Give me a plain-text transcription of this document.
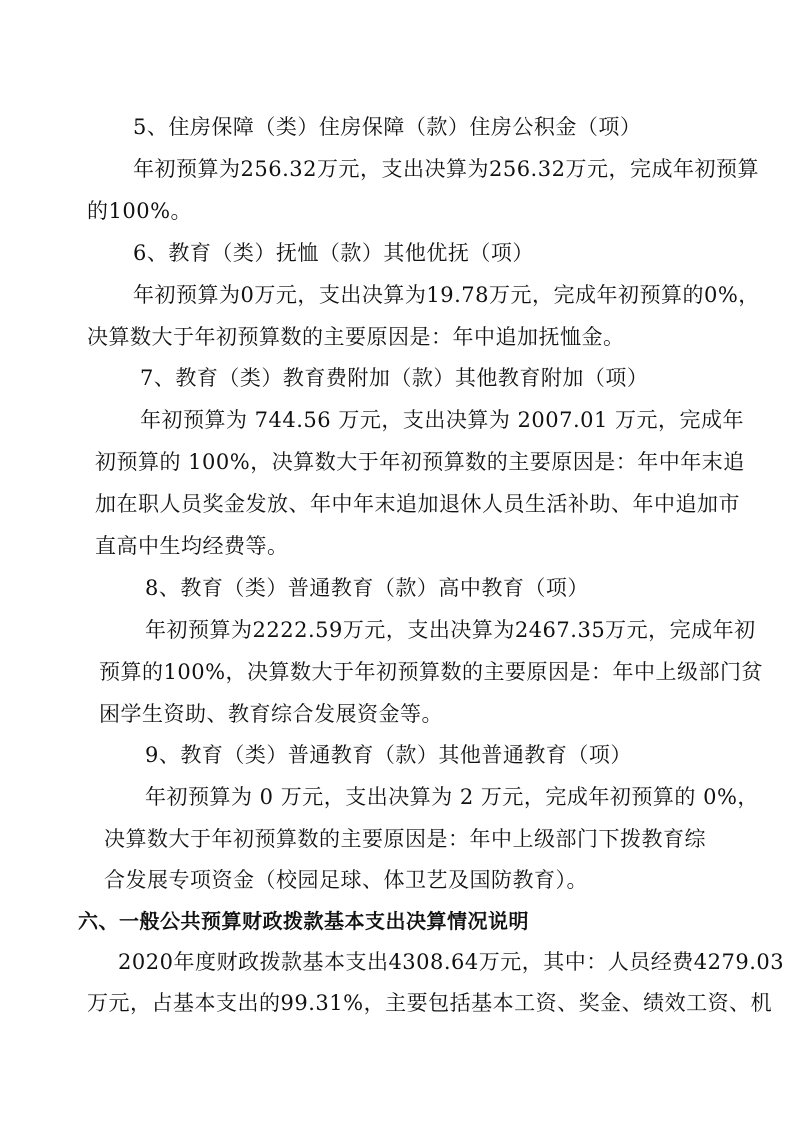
5、住房保障（类）住房保障（款）住房公积金（项）
年初预算为256.32万元，支出决算为256.32万元，完成年初预算
的100%。
6、教育（类）抚恤（款）其他优抚（项）
年初预算为0万元，支出决算为19.78万元，完成年初预算的0%，
决算数大于年初预算数的主要原因是：年中追加抚恤金。
7、教育（类）教育费附加（款）其他教育附加（项）
年初预算为 744.56 万元，支出决算为 2007.01 万元，完成年
初预算的 100%，决算数大于年初预算数的主要原因是：年中年末追
加在职人员奖金发放、年中年末追加退休人员生活补助、年中追加市
直高中生均经费等。
8、教育（类）普通教育（款）高中教育（项）
年初预算为2222.59万元，支出决算为2467.35万元，完成年初
预算的100%，决算数大于年初预算数的主要原因是：年中上级部门贫
困学生资助、教育综合发展资金等。
9、教育（类）普通教育（款）其他普通教育（项）
年初预算为 0 万元，支出决算为 2 万元，完成年初预算的 0%，
决算数大于年初预算数的主要原因是：年中上级部门下拨教育综
合发展专项资金（校园足球、体卫艺及国防教育）。
六、一般公共预算财政拨款基本支出决算情况说明
2020年度财政拨款基本支出4308.64万元，其中：人员经费4279.03
万元，占基本支出的99.31%，主要包括基本工资、奖金、绩效工资、机
